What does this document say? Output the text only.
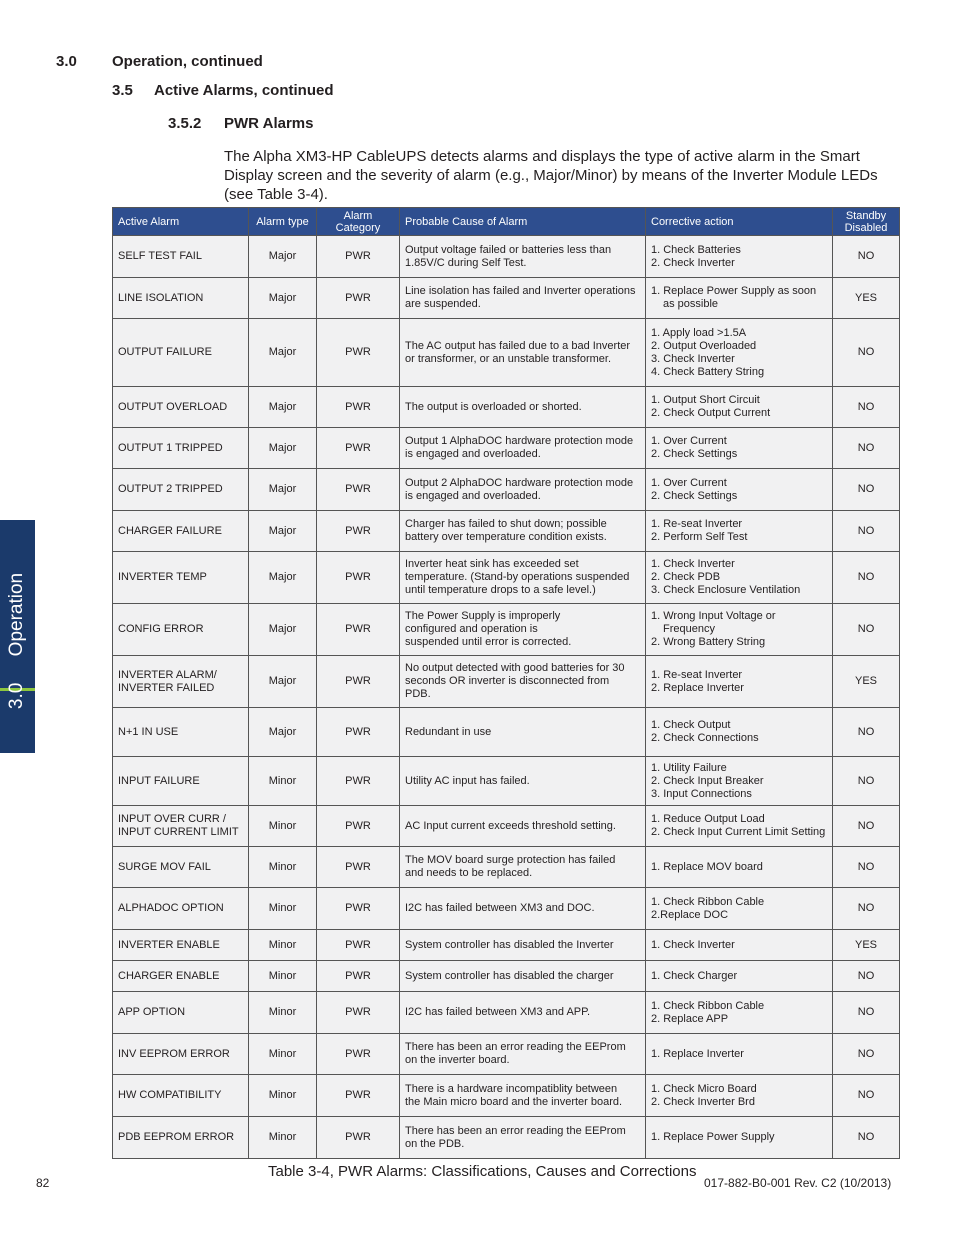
3.0 Operation, continued
3.5 Active Alarms, continued
3.5.2 PWR Alarms
The Alpha XM3-HP CableUPS detects alarms and displays the type of active alarm in the Smart Display screen and the severity of alarm (e.g., Major/Minor) by means of the Inverter Module LEDs (see Table 3-4).
Active Alarm	Alarm type	Alarm Category	Probable Cause of Alarm	Corrective action	Standby Disabled

SELF TEST FAIL	Major	PWR	Output voltage failed or batteries less than
1.85V/C during Self Test.	1. Check Batteries
2. Check Inverter	NO

LINE ISOLATION	Major	PWR	Line isolation has failed and Inverter operations
are suspended.	1. Replace Power Supply as soon
as possible	YES

OUTPUT FAILURE	Major	PWR	The AC output has failed due to a bad Inverter
or transformer, or an unstable transformer.	1. Apply load >1.5A
2. Output Overloaded
3. Check Inverter
4. Check Battery String	NO

OUTPUT OVERLOAD	Major	PWR	The output is overloaded or shorted.	1. Output Short Circuit
2. Check Output Current	NO

OUTPUT 1 TRIPPED	Major	PWR	Output 1 AlphaDOC hardware protection mode
is engaged and overloaded.	1. Over Current
2. Check Settings	NO

OUTPUT 2 TRIPPED	Major	PWR	Output 2 AlphaDOC hardware protection mode
is engaged and overloaded.	1. Over Current
2. Check Settings	NO

CHARGER FAILURE	Major	PWR	Charger has failed to shut down; possible
battery over temperature condition exists.	1. Re-seat Inverter
2. Perform Self Test	NO

INVERTER TEMP	Major	PWR	Inverter heat sink has exceeded set
temperature. (Stand-by operations suspended
until temperature drops to a safe level.)	1. Check Inverter
2. Check PDB
3. Check Enclosure Ventilation	NO

CONFIG ERROR	Major	PWR	The Power Supply is improperly
configured and operation is
suspended until error is corrected.	1. Wrong Input Voltage or
Frequency
2. Wrong Battery String	NO

INVERTER ALARM/
INVERTER FAILED	Major	PWR	No output detected with good batteries for 30
seconds OR inverter is disconnected from
PDB.	1. Re-seat Inverter
2. Replace Inverter	YES

N+1 IN USE	Major	PWR	Redundant in use	1. Check Output
2. Check Connections	NO

INPUT FAILURE	Minor	PWR	Utility AC input has failed.	1. Utility Failure
2. Check Input Breaker
3. Input Connections	NO

INPUT OVER CURR /
INPUT CURRENT LIMIT	Minor	PWR	AC Input current exceeds threshold setting.	1. Reduce Output Load
2. Check Input Current Limit Setting	NO

SURGE MOV FAIL	Minor	PWR	The MOV board surge protection has failed
and needs to be replaced.	1. Replace MOV board	NO

ALPHADOC OPTION	Minor	PWR	I2C has failed between XM3 and DOC.	1. Check Ribbon Cable
2.Replace DOC	NO

INVERTER ENABLE	Minor	PWR	System controller has disabled the Inverter	1. Check Inverter	YES

CHARGER ENABLE	Minor	PWR	System controller has disabled the charger	1. Check Charger	NO

APP OPTION	Minor	PWR	I2C has failed between XM3 and APP.	1. Check Ribbon Cable
2. Replace APP	NO

INV EEPROM ERROR	Minor	PWR	There has been an error reading the EEProm
on the inverter board.	1. Replace Inverter	NO

HW COMPATIBILITY	Minor	PWR	There is a hardware incompatiblity between
the Main micro board and the inverter board.	1. Check Micro Board
2. Check Inverter Brd	NO

PDB EEPROM ERROR	Minor	PWR	There has been an error reading the EEProm
on the PDB.	1. Replace Power Supply	NO
3.0     Operation
Table 3-4, PWR Alarms: Classifications, Causes and Corrections
82	017-882-B0-001 Rev. C2 (10/2013)
